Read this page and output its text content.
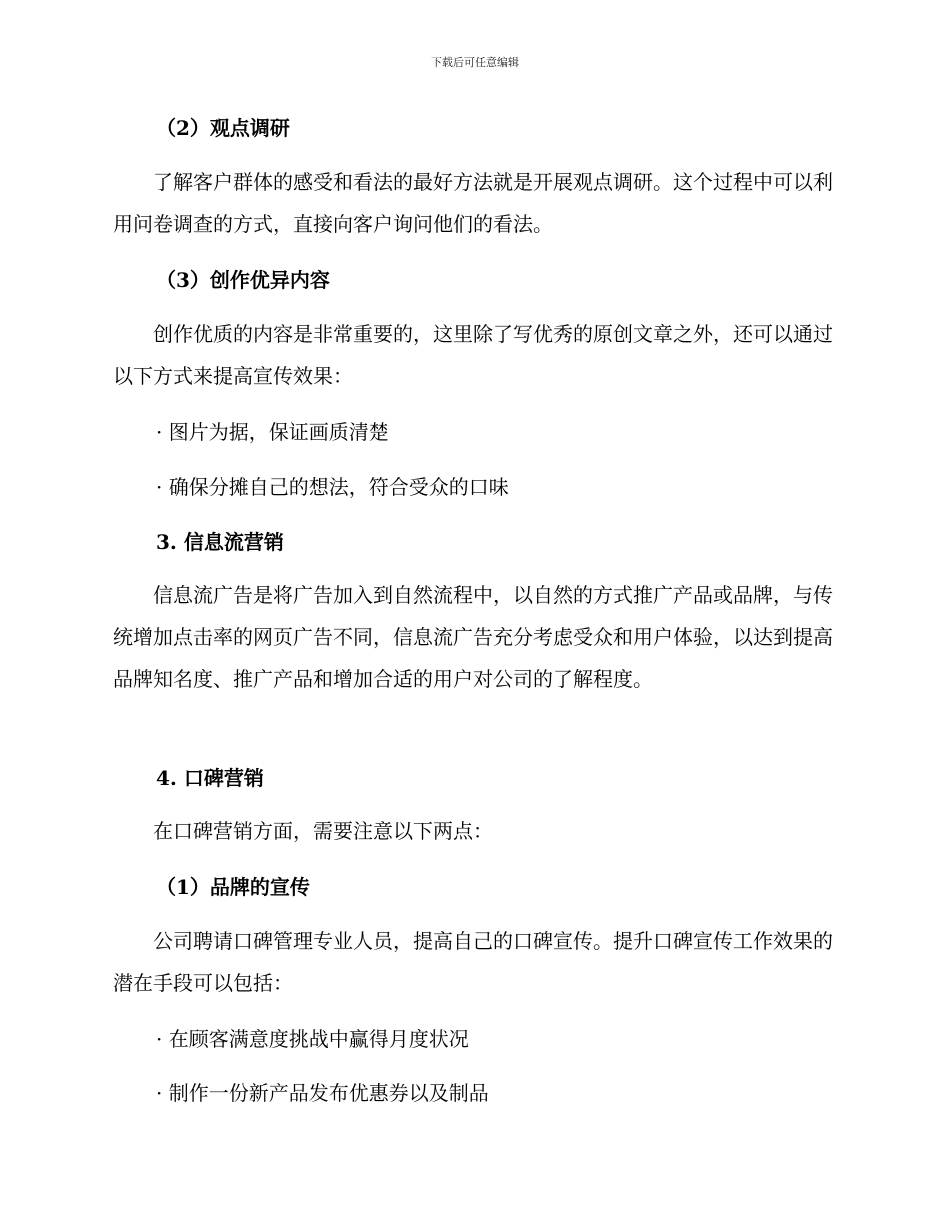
下载后可任意编辑
（2）观点调研

了解客户群体的感受和看法的最好方法就是开展观点调研。这个过程中可以利用问卷调查的方式，直接向客户询问他们的看法。

（3）创作优异内容

创作优质的内容是非常重要的，这里除了写优秀的原创文章之外，还可以通过以下方式来提高宣传效果：

· 图片为据，保证画质清楚
· 确保分摊自己的想法，符合受众的口味
3. 信息流营销

信息流广告是将广告加入到自然流程中，以自然的方式推广产品或品牌，与传统增加点击率的网页广告不同，信息流广告充分考虑受众和用户体验，以达到提高品牌知名度、推广产品和增加合适的用户对公司的了解程度。

4. 口碑营销

在口碑营销方面，需要注意以下两点：

（1）品牌的宣传

公司聘请口碑管理专业人员，提高自己的口碑宣传。提升口碑宣传工作效果的潜在手段可以包括：

· 在顾客满意度挑战中赢得月度状况
· 制作一份新产品发布优惠券以及制品
